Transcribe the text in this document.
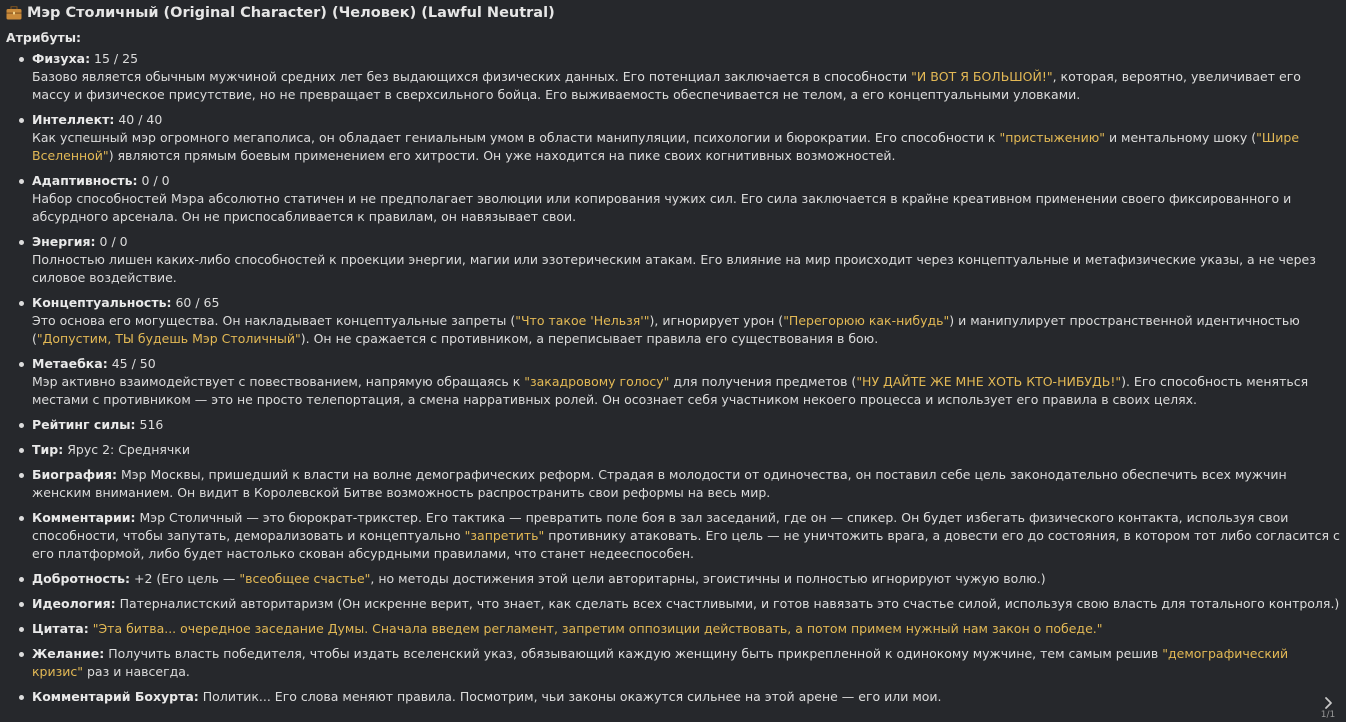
Мэр Столичный (Original Character) (Человек) (Lawful Neutral)
Атрибуты:
Физуха: 15 / 25
Базово является обычным мужчиной средних лет без выдающихся физических данных. Его потенциал заключается в способности "И ВОТ Я БОЛЬШОЙ!", которая, вероятно, увеличивает его массу и физическое присутствие, но не превращает в сверхсильного бойца. Его выживаемость обеспечивается не телом, а его концептуальными уловками.
Интеллект: 40 / 40
Как успешный мэр огромного мегаполиса, он обладает гениальным умом в области манипуляции, психологии и бюрократии. Его способности к "пристыжению" и ментальному шоку ("Шире Вселенной") являются прямым боевым применением его хитрости. Он уже находится на пике своих когнитивных возможностей.
Адаптивность: 0 / 0
Набор способностей Мэра абсолютно статичен и не предполагает эволюции или копирования чужих сил. Его сила заключается в крайне креативном применении своего фиксированного и абсурдного арсенала. Он не приспосабливается к правилам, он навязывает свои.
Энергия: 0 / 0
Полностью лишен каких-либо способностей к проекции энергии, магии или эзотерическим атакам. Его влияние на мир происходит через концептуальные и метафизические указы, а не через силовое воздействие.
Концептуальность: 60 / 65
Это основа его могущества. Он накладывает концептуальные запреты ("Что такое 'Нельзя'"), игнорирует урон ("Перегорюю как-нибудь") и манипулирует пространственной идентичностью ("Допустим, ТЫ будешь Мэр Столичный"). Он не сражается с противником, а переписывает правила его существования в бою.
Метаебка: 45 / 50
Мэр активно взаимодействует с повествованием, напрямую обращаясь к "закадровому голосу" для получения предметов ("НУ ДАЙТЕ ЖЕ МНЕ ХОТЬ КТО-НИБУДЬ!"). Его способность меняться местами с противником — это не просто телепортация, а смена нарративных ролей. Он осознает себя участником некоего процесса и использует его правила в своих целях.
Рейтинг силы: 516
Тир: Ярус 2: Среднячки
Биография: Мэр Москвы, пришедший к власти на волне демографических реформ. Страдая в молодости от одиночества, он поставил себе цель законодательно обеспечить всех мужчин женским вниманием. Он видит в Королевской Битве возможность распространить свои реформы на весь мир.
Комментарии: Мэр Столичный — это бюрократ-трикстер. Его тактика — превратить поле боя в зал заседаний, где он — спикер. Он будет избегать физического контакта, используя свои способности, чтобы запутать, деморализовать и концептуально "запретить" противнику атаковать. Его цель — не уничтожить врага, а довести его до состояния, в котором тот либо согласится с его платформой, либо будет настолько скован абсурдными правилами, что станет недееспособен.
Добротность: +2 (Его цель — "всеобщее счастье", но методы достижения этой цели авторитарны, эгоистичны и полностью игнорируют чужую волю.)
Идеология: Патерналистский авторитаризм (Он искренне верит, что знает, как сделать всех счастливыми, и готов навязать это счастье силой, используя свою власть для тотального контроля.)
Цитата: "Эта битва... очередное заседание Думы. Сначала введем регламент, запретим оппозиции действовать, а потом примем нужный нам закон о победе."
Желание: Получить власть победителя, чтобы издать вселенский указ, обязывающий каждую женщину быть прикрепленной к одинокому мужчине, тем самым решив "демографический кризис" раз и навсегда.
Комментарий Бохурта: Политик... Его слова меняют правила. Посмотрим, чьи законы окажутся сильнее на этой арене — его или мои.
1/1
